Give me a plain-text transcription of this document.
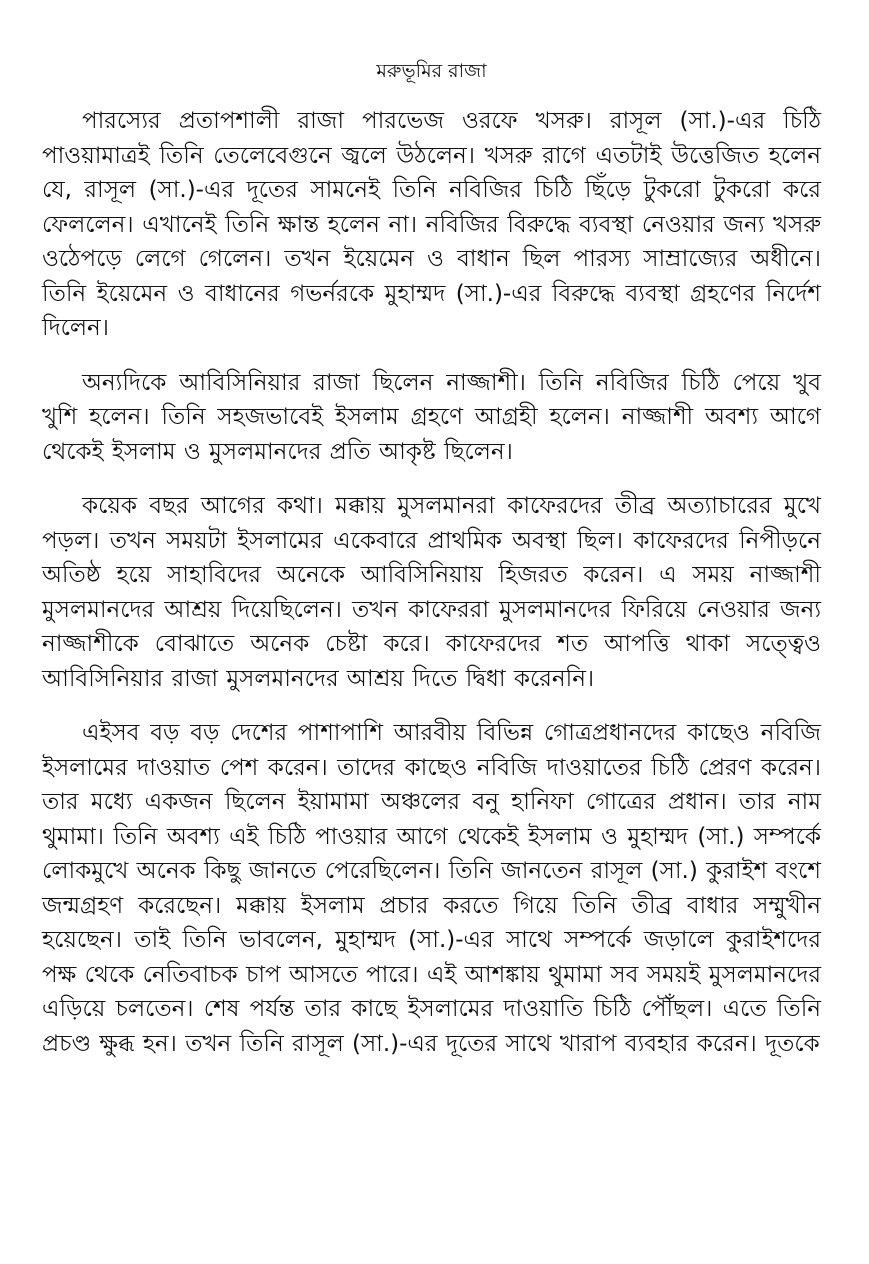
মরুভূমির রাজা

পারস্যের প্রতাপশালী রাজা পারভেজ ওরফে খসরু। রাসূল (সা.)-এর চিঠি পাওয়ামাত্রই তিনি তেলেবেগুনে জ্বলে উঠলেন। খসরু রাগে এতটাই উত্তেজিত হলেন যে, রাসূল (সা.)-এর দূতের সামনেই তিনি নবিজির চিঠি ছিঁড়ে টুকরো টুকরো করে ফেললেন। এখানেই তিনি ক্ষান্ত হলেন না। নবিজির বিরুদ্ধে ব্যবস্থা নেওয়ার জন্য খসরু ওঠেপড়ে লেগে গেলেন। তখন ইয়েমেন ও বাধান ছিল পারস্য সাম্রাজ্যের অধীনে। তিনি ইয়েমেন ও বাধানের গভর্নরকে মুহাম্মদ (সা.)-এর বিরুদ্ধে ব্যবস্থা গ্রহণের নির্দেশ দিলেন।

অন্যদিকে আবিসিনিয়ার রাজা ছিলেন নাজ্জাশী। তিনি নবিজির চিঠি পেয়ে খুব খুশি হলেন। তিনি সহজভাবেই ইসলাম গ্রহণে আগ্রহী হলেন। নাজ্জাশী অবশ্য আগে থেকেই ইসলাম ও মুসলমানদের প্রতি আকৃষ্ট ছিলেন।

কয়েক বছর আগের কথা। মক্কায় মুসলমানরা কাফেরদের তীব্র অত্যাচারের মুখে পড়ল। তখন সময়টা ইসলামের একেবারে প্রাথমিক অবস্থা ছিল। কাফেরদের নিপীড়নে অতিষ্ঠ হয়ে সাহাবিদের অনেকে আবিসিনিয়ায় হিজরত করেন। এ সময় নাজ্জাশী মুসলমানদের আশ্রয় দিয়েছিলেন। তখন কাফেররা মুসলমানদের ফিরিয়ে নেওয়ার জন্য নাজ্জাশীকে বোঝাতে অনেক চেষ্টা করে। কাফেরদের শত আপত্তি থাকা সত্ত্বেও আবিসিনিয়ার রাজা মুসলমানদের আশ্রয় দিতে দ্বিধা করেননি।

এইসব বড় বড় দেশের পাশাপাশি আরবীয় বিভিন্ন গোত্রপ্রধানদের কাছেও নবিজি ইসলামের দাওয়াত পেশ করেন। তাদের কাছেও নবিজি দাওয়াতের চিঠি প্রেরণ করেন। তার মধ্যে একজন ছিলেন ইয়ামামা অঞ্চলের বনু হানিফা গোত্রের প্রধান। তার নাম থুমামা। তিনি অবশ্য এই চিঠি পাওয়ার আগে থেকেই ইসলাম ও মুহাম্মদ (সা.) সম্পর্কে লোকমুখে অনেক কিছু জানতে পেরেছিলেন। তিনি জানতেন রাসূল (সা.) কুরাইশ বংশে জন্মগ্রহণ করেছেন। মক্কায় ইসলাম প্রচার করতে গিয়ে তিনি তীব্র বাধার সম্মুখীন হয়েছেন। তাই তিনি ভাবলেন, মুহাম্মদ (সা.)-এর সাথে সম্পর্কে জড়ালে কুরাইশদের পক্ষ থেকে নেতিবাচক চাপ আসতে পারে। এই আশঙ্কায় থুমামা সব সময়ই মুসলমানদের এড়িয়ে চলতেন। শেষ পর্যন্ত তার কাছে ইসলামের দাওয়াতি চিঠি পৌঁছল। এতে তিনি প্রচণ্ড ক্ষুব্ধ হন। তখন তিনি রাসূল (সা.)-এর দূতের সাথে খারাপ ব্যবহার করেন। দূতকে
